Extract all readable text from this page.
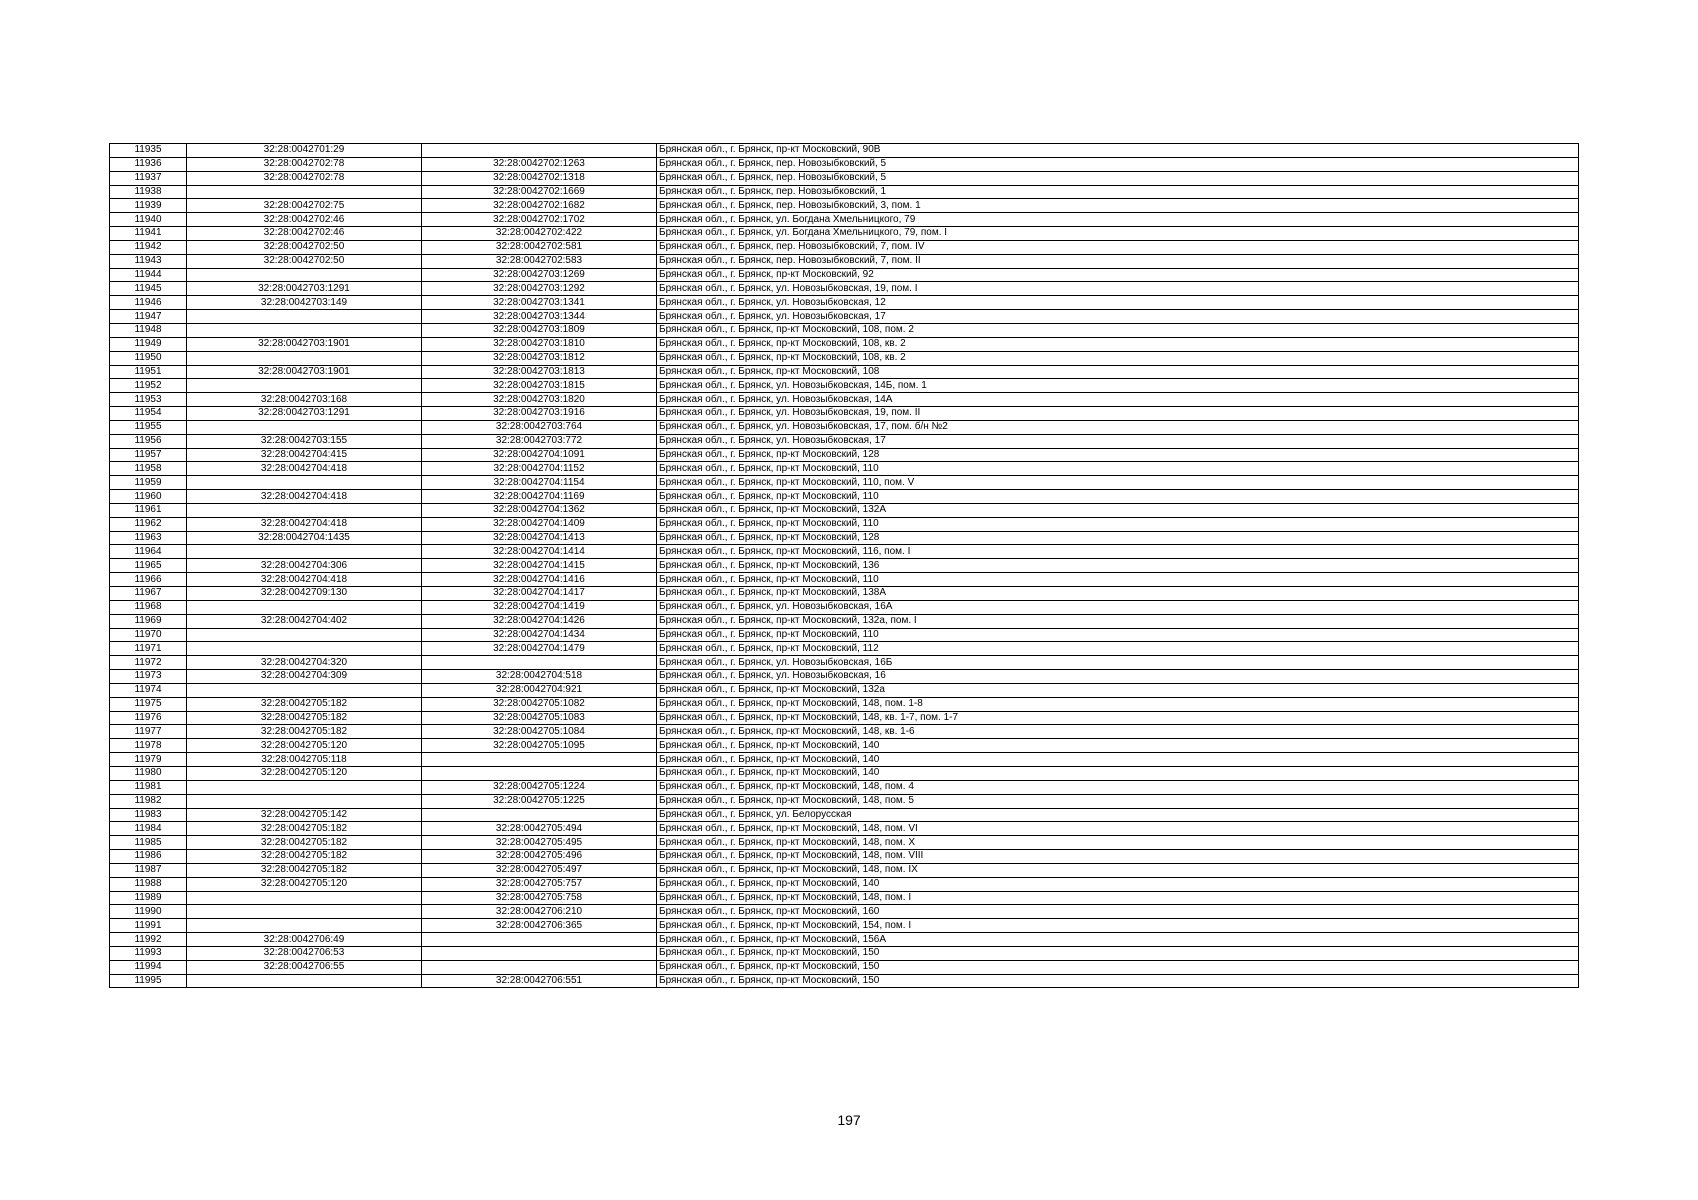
11935	32:28:0042701:29		Брянская обл., г. Брянск, пр-кт Московский, 90В
11936	32:28:0042702:78	32:28:0042702:1263	Брянская обл., г. Брянск, пер. Новозыбковский, 5
11937	32:28:0042702:78	32:28:0042702:1318	Брянская обл., г. Брянск, пер. Новозыбковский, 5
11938		32:28:0042702:1669	Брянская обл., г. Брянск, пер. Новозыбковский, 1
11939	32:28:0042702:75	32:28:0042702:1682	Брянская обл., г. Брянск, пер. Новозыбковский, 3, пом. 1
11940	32:28:0042702:46	32:28:0042702:1702	Брянская обл., г. Брянск, ул. Богдана Хмельницкого, 79
11941	32:28:0042702:46	32:28:0042702:422	Брянская обл., г. Брянск, ул. Богдана Хмельницкого, 79, пом. I
11942	32:28:0042702:50	32:28:0042702:581	Брянская обл., г. Брянск, пер. Новозыбковский, 7, пом. IV
11943	32:28:0042702:50	32:28:0042702:583	Брянская обл., г. Брянск, пер. Новозыбковский, 7, пом. II
11944		32:28:0042703:1269	Брянская обл., г. Брянск, пр-кт Московский, 92
11945	32:28:0042703:1291	32:28:0042703:1292	Брянская обл., г. Брянск, ул. Новозыбковская, 19, пом. I
11946	32:28:0042703:149	32:28:0042703:1341	Брянская обл., г. Брянск, ул. Новозыбковская, 12
11947		32:28:0042703:1344	Брянская обл., г. Брянск, ул. Новозыбковская, 17
11948		32:28:0042703:1809	Брянская обл., г. Брянск, пр-кт Московский, 108, пом. 2
11949	32:28:0042703:1901	32:28:0042703:1810	Брянская обл., г. Брянск, пр-кт Московский, 108, кв. 2
11950		32:28:0042703:1812	Брянская обл., г. Брянск, пр-кт Московский, 108, кв. 2
11951	32:28:0042703:1901	32:28:0042703:1813	Брянская обл., г. Брянск, пр-кт Московский, 108
11952		32:28:0042703:1815	Брянская обл., г. Брянск, ул. Новозыбковская, 14Б, пом. 1
11953	32:28:0042703:168	32:28:0042703:1820	Брянская обл., г. Брянск, ул. Новозыбковская, 14А
11954	32:28:0042703:1291	32:28:0042703:1916	Брянская обл., г. Брянск, ул. Новозыбковская, 19, пом. II
11955		32:28:0042703:764	Брянская обл., г. Брянск, ул. Новозыбковская, 17, пом. б/н №2
11956	32:28:0042703:155	32:28:0042703:772	Брянская обл., г. Брянск, ул. Новозыбковская, 17
11957	32:28:0042704:415	32:28:0042704:1091	Брянская обл., г. Брянск, пр-кт Московский, 128
11958	32:28:0042704:418	32:28:0042704:1152	Брянская обл., г. Брянск, пр-кт Московский, 110
11959		32:28:0042704:1154	Брянская обл., г. Брянск, пр-кт Московский, 110, пом. V
11960	32:28:0042704:418	32:28:0042704:1169	Брянская обл., г. Брянск, пр-кт Московский, 110
11961		32:28:0042704:1362	Брянская обл., г. Брянск, пр-кт Московский, 132А
11962	32:28:0042704:418	32:28:0042704:1409	Брянская обл., г. Брянск, пр-кт Московский, 110
11963	32:28:0042704:1435	32:28:0042704:1413	Брянская обл., г. Брянск, пр-кт Московский, 128
11964		32:28:0042704:1414	Брянская обл., г. Брянск, пр-кт Московский, 116, пом. I
11965	32:28:0042704:306	32:28:0042704:1415	Брянская обл., г. Брянск, пр-кт Московский, 136
11966	32:28:0042704:418	32:28:0042704:1416	Брянская обл., г. Брянск, пр-кт Московский, 110
11967	32:28:0042709:130	32:28:0042704:1417	Брянская обл., г. Брянск, пр-кт Московский, 138А
11968		32:28:0042704:1419	Брянская обл., г. Брянск, ул. Новозыбковская, 16А
11969	32:28:0042704:402	32:28:0042704:1426	Брянская обл., г. Брянск, пр-кт Московский, 132а, пом. I
11970		32:28:0042704:1434	Брянская обл., г. Брянск, пр-кт Московский, 110
11971		32:28:0042704:1479	Брянская обл., г. Брянск, пр-кт Московский, 112
11972	32:28:0042704:320		Брянская обл., г. Брянск, ул. Новозыбковская, 16Б
11973	32:28:0042704:309	32:28:0042704:518	Брянская обл., г. Брянск, ул. Новозыбковская, 16
11974		32:28:0042704:921	Брянская обл., г. Брянск, пр-кт Московский, 132а
11975	32:28:0042705:182	32:28:0042705:1082	Брянская обл., г. Брянск, пр-кт Московский, 148, пом. 1-8
11976	32:28:0042705:182	32:28:0042705:1083	Брянская обл., г. Брянск, пр-кт Московский, 148, кв. 1-7, пом. 1-7
11977	32:28:0042705:182	32:28:0042705:1084	Брянская обл., г. Брянск, пр-кт Московский, 148, кв. 1-6
11978	32:28:0042705:120	32:28:0042705:1095	Брянская обл., г. Брянск, пр-кт Московский, 140
11979	32:28:0042705:118		Брянская обл., г. Брянск, пр-кт Московский, 140
11980	32:28:0042705:120		Брянская обл., г. Брянск, пр-кт Московский, 140
11981		32:28:0042705:1224	Брянская обл., г. Брянск, пр-кт Московский, 148, пом. 4
11982		32:28:0042705:1225	Брянская обл., г. Брянск, пр-кт Московский, 148, пом. 5
11983	32:28:0042705:142		Брянская обл., г. Брянск, ул. Белорусская
11984	32:28:0042705:182	32:28:0042705:494	Брянская обл., г. Брянск, пр-кт Московский, 148, пом. VI
11985	32:28:0042705:182	32:28:0042705:495	Брянская обл., г. Брянск, пр-кт Московский, 148, пом. X
11986	32:28:0042705:182	32:28:0042705:496	Брянская обл., г. Брянск, пр-кт Московский, 148, пом. VIII
11987	32:28:0042705:182	32:28:0042705:497	Брянская обл., г. Брянск, пр-кт Московский, 148, пом. IX
11988	32:28:0042705:120	32:28:0042705:757	Брянская обл., г. Брянск, пр-кт Московский, 140
11989		32:28:0042705:758	Брянская обл., г. Брянск, пр-кт Московский, 148, пом. I
11990		32:28:0042706:210	Брянская обл., г. Брянск, пр-кт Московский, 160
11991		32:28:0042706:365	Брянская обл., г. Брянск, пр-кт Московский, 154, пом. I
11992	32:28:0042706:49		Брянская обл., г. Брянск, пр-кт Московский, 156А
11993	32:28:0042706:53		Брянская обл., г. Брянск, пр-кт Московский, 150
11994	32:28:0042706:55		Брянская обл., г. Брянск, пр-кт Московский, 150
11995		32:28:0042706:551	Брянская обл., г. Брянск, пр-кт Московский, 150
197
